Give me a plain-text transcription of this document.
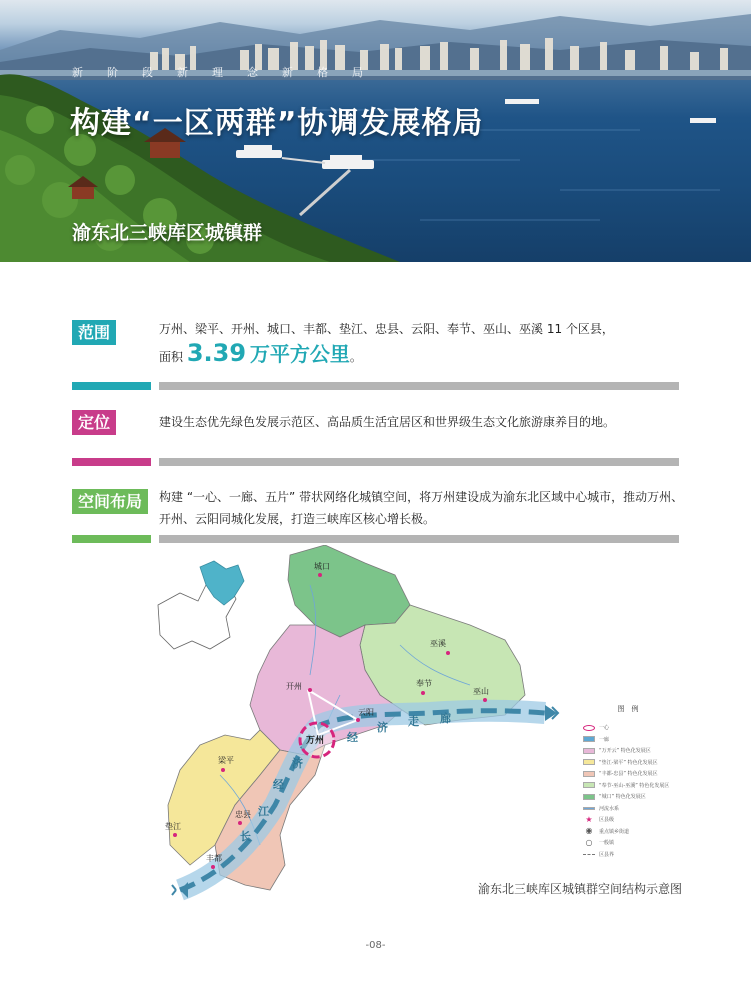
新 阶 段 新 理 念 新 格 局
构建“一区两群”协调发展格局
渝东北三峡库区城镇群
范围	万州、梁平、开州、城口、丰都、垫江、忠县、云阳、奉节、巫山、巫溪 11 个区县，
面积 3.39 万平方公里。
定位	建设生态优先绿色发展示范区、高品质生活宜居区和世界级生态文化旅游康养目的地。
空间布局	构建 “一心、一廊、五片” 带状网络化城镇空间，将万州建设成为渝东北区域中心城市，推动万州、
开州、云阳同城化发展，打造三峡库区核心增长极。
城口
巫溪
开州
云阳
奉节
巫山
万州
梁平
忠县
垫江
丰都
长
江
经
济
经
济 走 廊
图　例
一心
一廊
“万开云” 特色化发展区
“垫江-梁平” 特色化发展区
“丰都-忠县” 特色化发展区
“奉节-巫山-巫溪” 特色化发展区
“城口” 特色化发展区
河流水系
★	区县级
◉	重点镇乡街道
○	一般镇
区县界
渝东北三峡库区城镇群空间结构示意图
-08-
